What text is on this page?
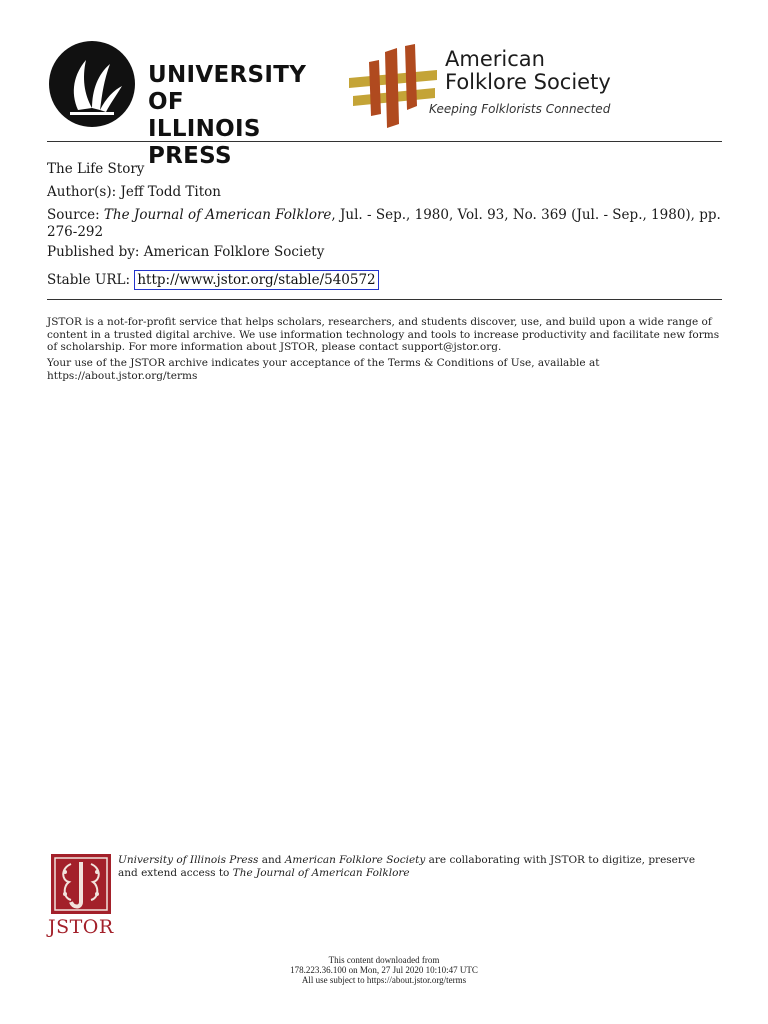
UNIVERSITY OF
ILLINOIS PRESS
American
Folklore Society
Keeping Folklorists Connected
The Life Story
Author(s): Jeff Todd Titon
Source: The Journal of American Folklore, Jul. - Sep., 1980, Vol. 93, No. 369 (Jul. - Sep., 1980), pp. 276-292
Published by: American Folklore Society
Stable URL: http://www.jstor.org/stable/540572
JSTOR is a not-for-profit service that helps scholars, researchers, and students discover, use, and build upon a wide range of content in a trusted digital archive. We use information technology and tools to increase productivity and facilitate new forms of scholarship. For more information about JSTOR, please contact support@jstor.org.
Your use of the JSTOR archive indicates your acceptance of the Terms & Conditions of Use, available at https://about.jstor.org/terms
JSTOR
University of Illinois Press and American Folklore Society are collaborating with JSTOR to digitize, preserve and extend access to The Journal of American Folklore
This content downloaded from
178.223.36.100 on Mon, 27 Jul 2020 10:10:47 UTC
All use subject to https://about.jstor.org/terms
